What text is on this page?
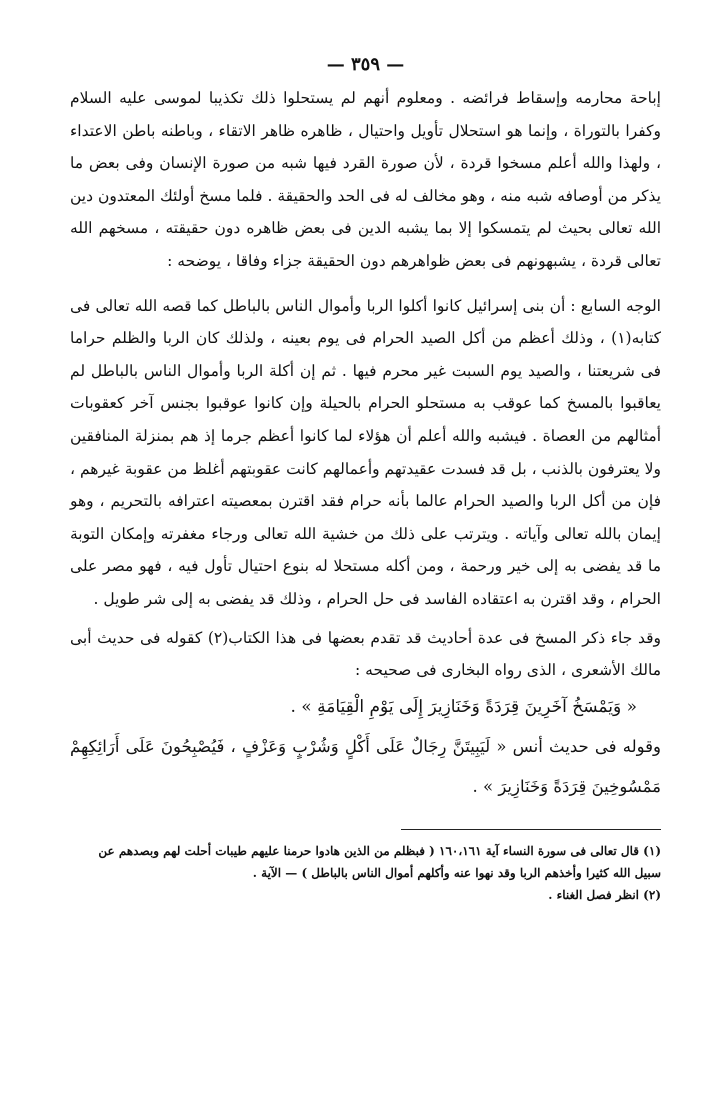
— ٣٥٩ —

إباحة محارمه وإسقاط فرائضه . ومعلوم أنهم لم يستحلوا ذلك تكذيبا لموسى عليه السلام وكفرا بالتوراة ، وإنما هو استحلال تأويل واحتيال ، ظاهره ظاهر الاتقاء ، وباطنه باطن الاعتداء ، ولهذا والله أعلم مسخوا قردة ، لأن صورة القرد فيها شبه من صورة الإنسان وفى بعض ما يذكر من أوصافه شبه منه ، وهو مخالف له فى الحد والحقيقة . فلما مسخ أولئك المعتدون دين الله تعالى بحيث لم يتمسكوا إلا بما يشبه الدين فى بعض ظاهره دون حقيقته ، مسخهم الله تعالى قردة ، يشبهونهم فى بعض ظواهرهم دون الحقيقة جزاء وفاقا ، يوضحه :

الوجه السابع : أن بنى إسرائيل كانوا أكلوا الربا وأموال الناس بالباطل كما قصه الله تعالى فى كتابه(١) ، وذلك أعظم من أكل الصيد الحرام فى يوم بعينه ، ولذلك كان الربا والظلم حراما فى شريعتنا ، والصيد يوم السبت غير محرم فيها . ثم إن أكلة الربا وأموال الناس بالباطل لم يعاقبوا بالمسخ كما عوقب به مستحلو الحرام بالحيلة وإن كانوا عوقبوا بجنس آخر كعقوبات أمثالهم من العصاة . فيشبه والله أعلم أن هؤلاء لما كانوا أعظم جرما إذ هم بمنزلة المنافقين ولا يعترفون بالذنب ، بل قد فسدت عقيدتهم وأعمالهم كانت عقوبتهم أغلظ من عقوبة غيرهم ، فإن من أكل الربا والصيد الحرام عالما بأنه حرام فقد اقترن بمعصيته اعترافه بالتحريم ، وهو إيمان بالله تعالى وآياته . ويترتب على ذلك من خشية الله تعالى ورجاء مغفرته وإمكان التوبة ما قد يفضى به إلى خير ورحمة ، ومن أكله مستحلا له بنوع احتيال تأول فيه ، فهو مصر على الحرام ، وقد اقترن به اعتقاده الفاسد فى حل الحرام ، وذلك قد يفضى به إلى شر طويل .

وقد جاء ذكر المسخ فى عدة أحاديث قد تقدم بعضها فى هذا الكتاب(٢) كقوله فى حديث أبى مالك الأشعرى ، الذى رواه البخارى فى صحيحه :

« وَيَمْسَخُ آخَرِينَ قِرَدَةً وَخَنَازِيرَ إِلَى يَوْمِ الْقِيَامَةِ » .

وقوله فى حديث أنس « لَيَبِيتَنَّ رِجَالٌ عَلَى أَكْلٍ وَشُرْبٍ وَعَزْفٍ ، فَيُصْبِحُونَ عَلَى أَرَائِكِهِمْ مَمْسُوخِينَ قِرَدَةً وَخَنَازِيرَ » .

(١) قال تعالى فى سورة النساء آية ١٦٠،١٦١ ( فبظلم من الذين هادوا حرمنا عليهم طيبات أحلت لهم وبصدهم عن سبيل الله كثيرا وأخذهم الربا وقد نهوا عنه وأكلهم أموال الناس بالباطل ) — الآية .

(٢) انظر فصل الغناء .
